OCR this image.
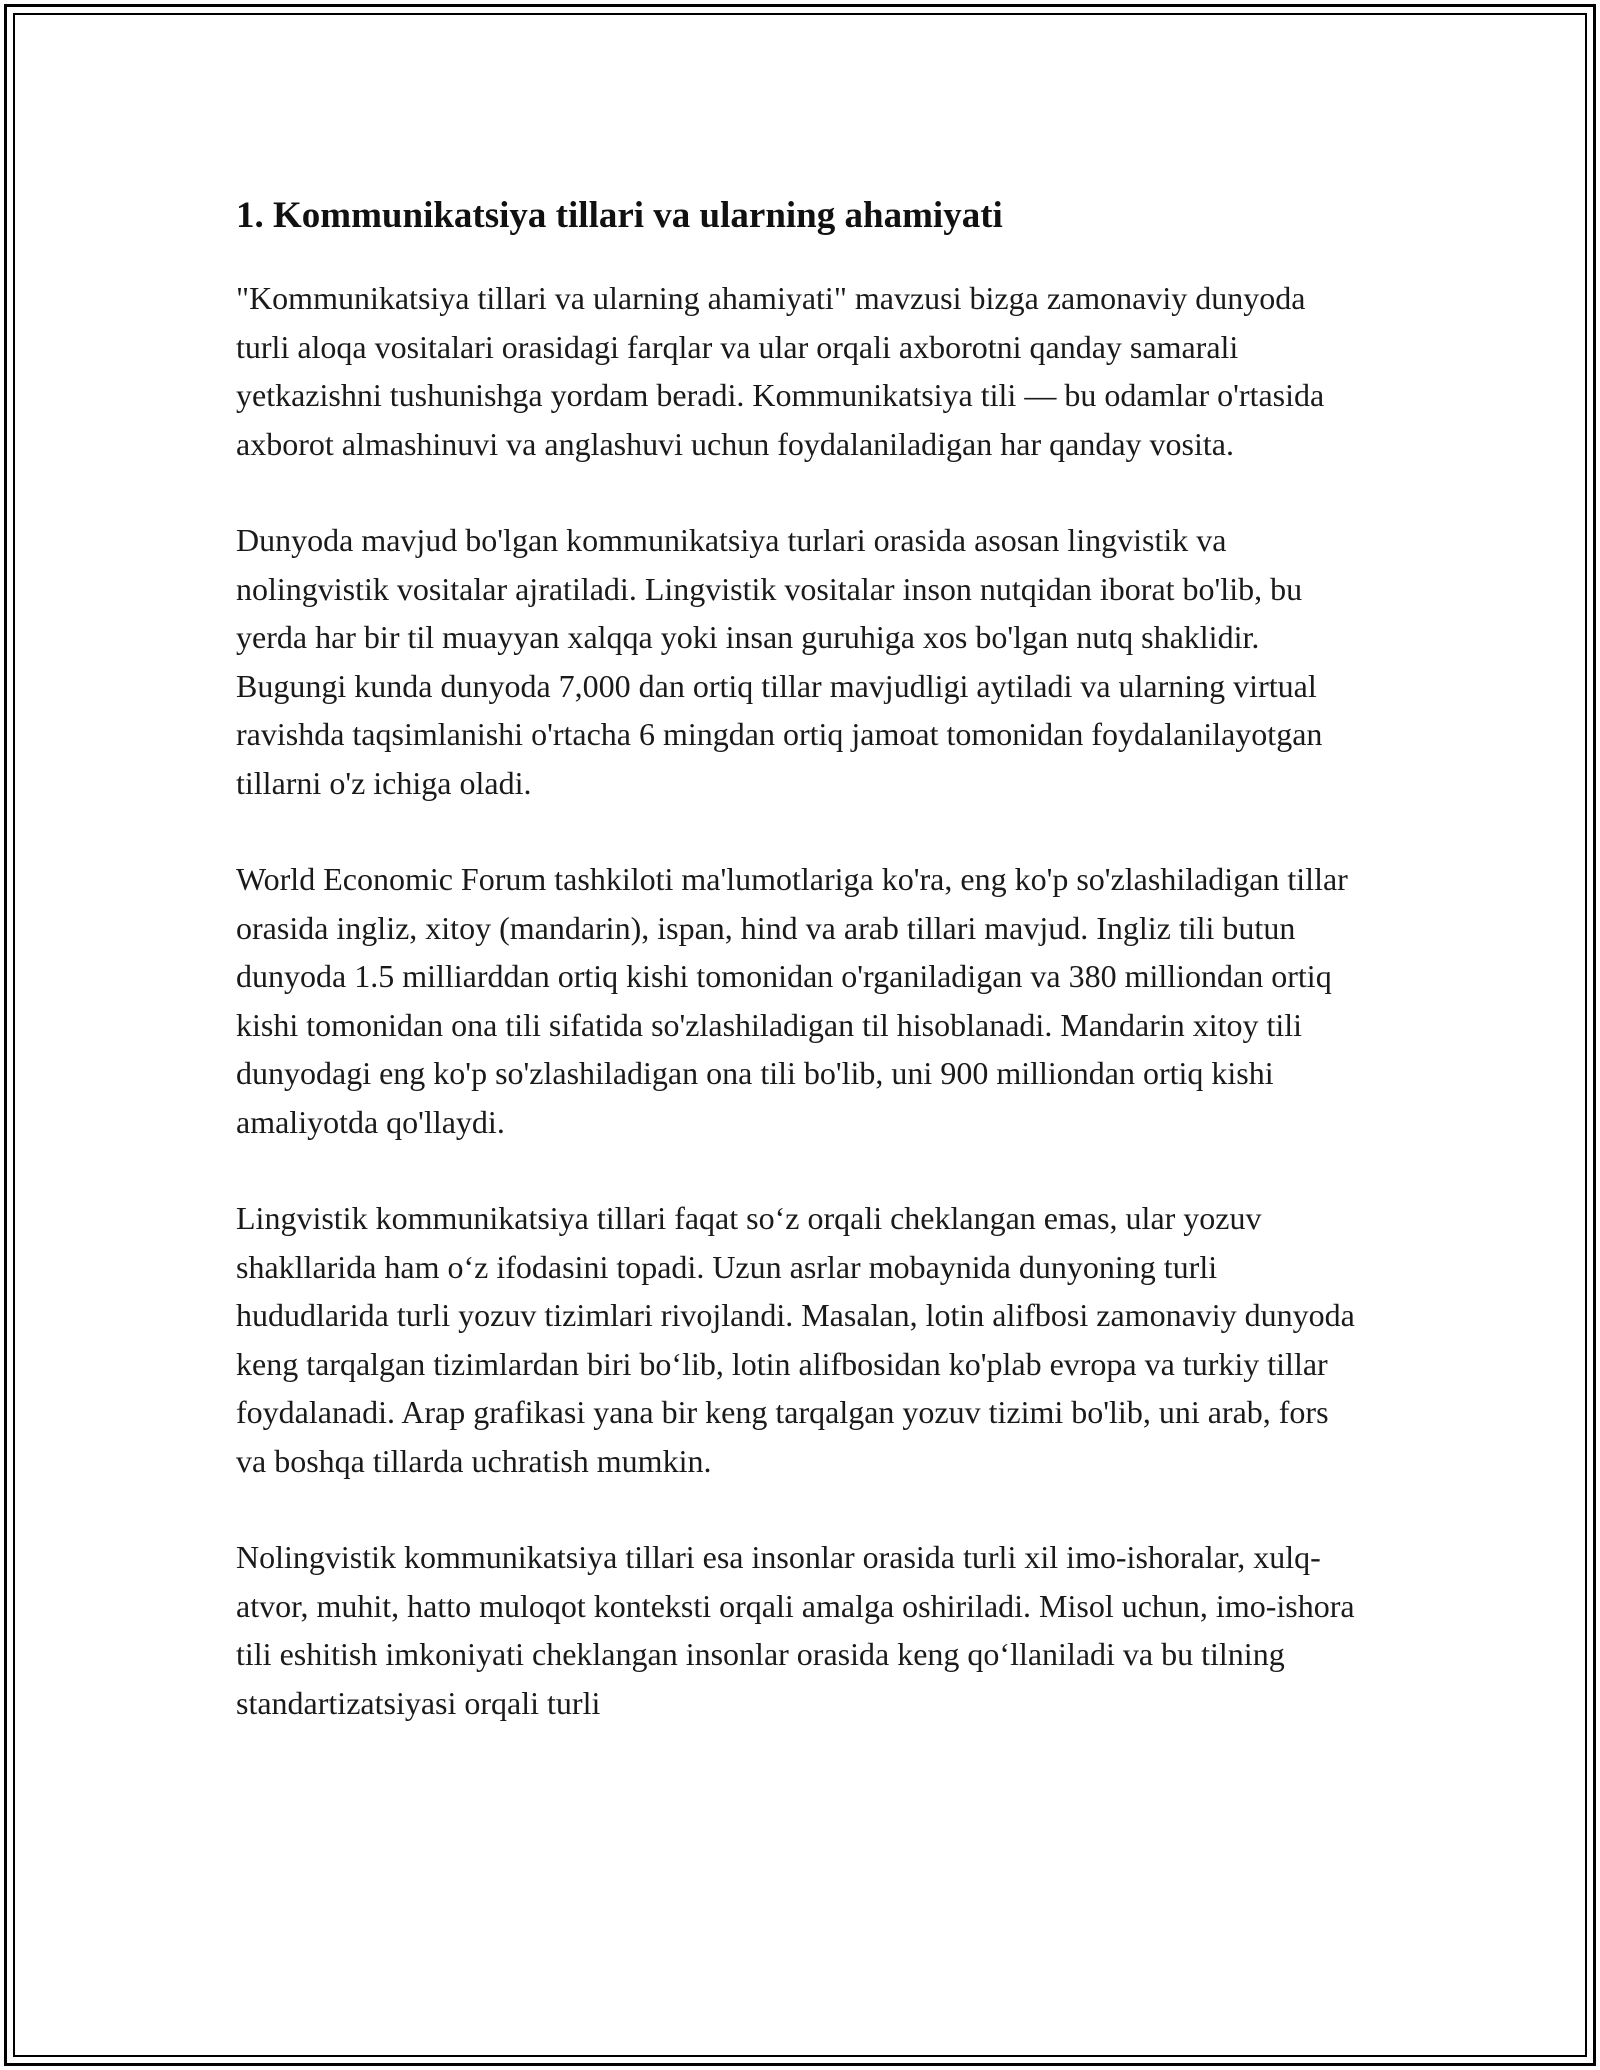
1. Kommunikatsiya tillari va ularning ahamiyati

"Kommunikatsiya tillari va ularning ahamiyati" mavzusi bizga zamonaviy dunyoda turli aloqa vositalari orasidagi farqlar va ular orqali axborotni qanday samarali yetkazishni tushunishga yordam beradi. Kommunikatsiya tili — bu odamlar o'rtasida axborot almashinuvi va anglashuvi uchun foydalaniladigan har qanday vosita.

Dunyoda mavjud bo'lgan kommunikatsiya turlari orasida asosan lingvistik va nolingvistik vositalar ajratiladi. Lingvistik vositalar inson nutqidan iborat bo'lib, bu yerda har bir til muayyan xalqqa yoki insan guruhiga xos bo'lgan nutq shaklidir. Bugungi kunda dunyoda 7,000 dan ortiq tillar mavjudligi aytiladi va ularning virtual ravishda taqsimlanishi o'rtacha 6 mingdan ortiq jamoat tomonidan foydalanilayotgan tillarni o'z ichiga oladi.

World Economic Forum tashkiloti ma'lumotlariga ko'ra, eng ko'p so'zlashiladigan tillar orasida ingliz, xitoy (mandarin), ispan, hind va arab tillari mavjud. Ingliz tili butun dunyoda 1.5 milliarddan ortiq kishi tomonidan o'rganiladigan va 380 milliondan ortiq kishi tomonidan ona tili sifatida so'zlashiladigan til hisoblanadi. Mandarin xitoy tili dunyodagi eng ko'p so'zlashiladigan ona tili bo'lib, uni 900 milliondan ortiq kishi amaliyotda qo'llaydi.

Lingvistik kommunikatsiya tillari faqat so‘z orqali cheklangan emas, ular yozuv shakllarida ham o‘z ifodasini topadi. Uzun asrlar mobaynida dunyoning turli hududlarida turli yozuv tizimlari rivojlandi. Masalan, lotin alifbosi zamonaviy dunyoda keng tarqalgan tizimlardan biri bo‘lib, lotin alifbosidan ko'plab evropa va turkiy tillar foydalanadi. Arap grafikasi yana bir keng tarqalgan yozuv tizimi bo'lib, uni arab, fors va boshqa tillarda uchratish mumkin.

Nolingvistik kommunikatsiya tillari esa insonlar orasida turli xil imo-ishoralar, xulq-atvor, muhit, hatto muloqot konteksti orqali amalga oshiriladi. Misol uchun, imo-ishora tili eshitish imkoniyati cheklangan insonlar orasida keng qo‘llaniladi va bu tilning standartizatsiyasi orqali turli
